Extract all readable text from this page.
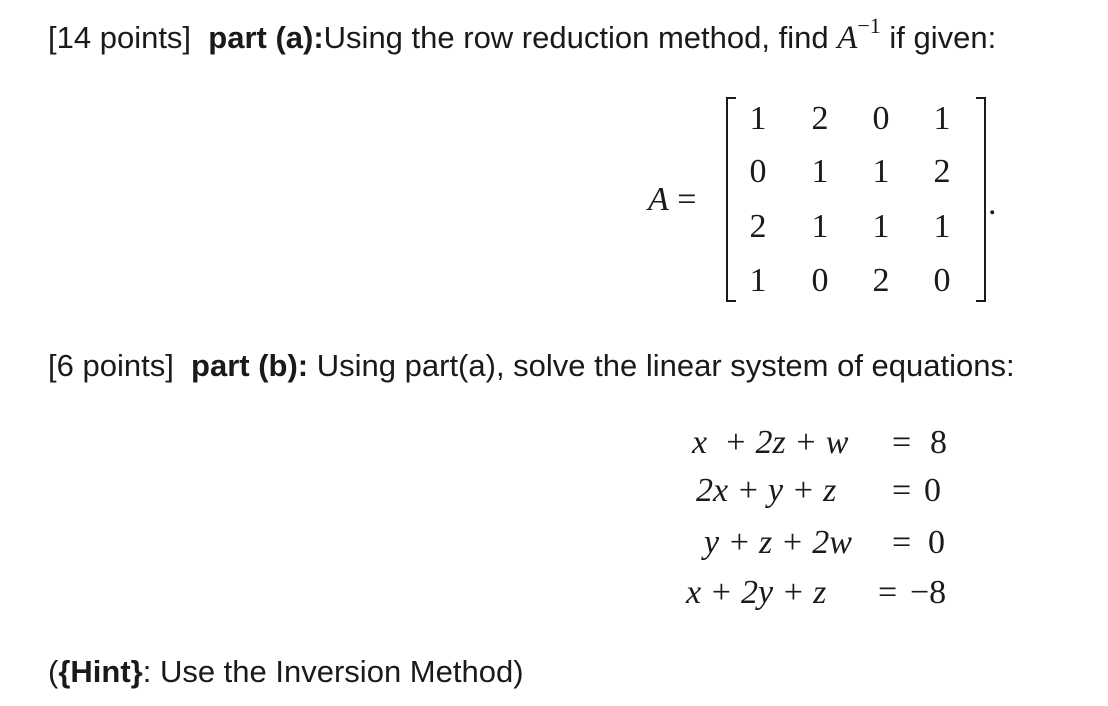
[14 points] part (a):Using the row reduction method, find $A^{-1}$ if given:
A =
1	2	0	1
0	1	1	2
2	1	1	1
1	0	2	0
.
[6 points] part (b): Using part(a), solve the linear system of equations:
x  + 2z + w = 8
2x + y + z = 0
y + z + 2w = 0
x + 2y + z = −8
({Hint}: Use the Inversion Method)
